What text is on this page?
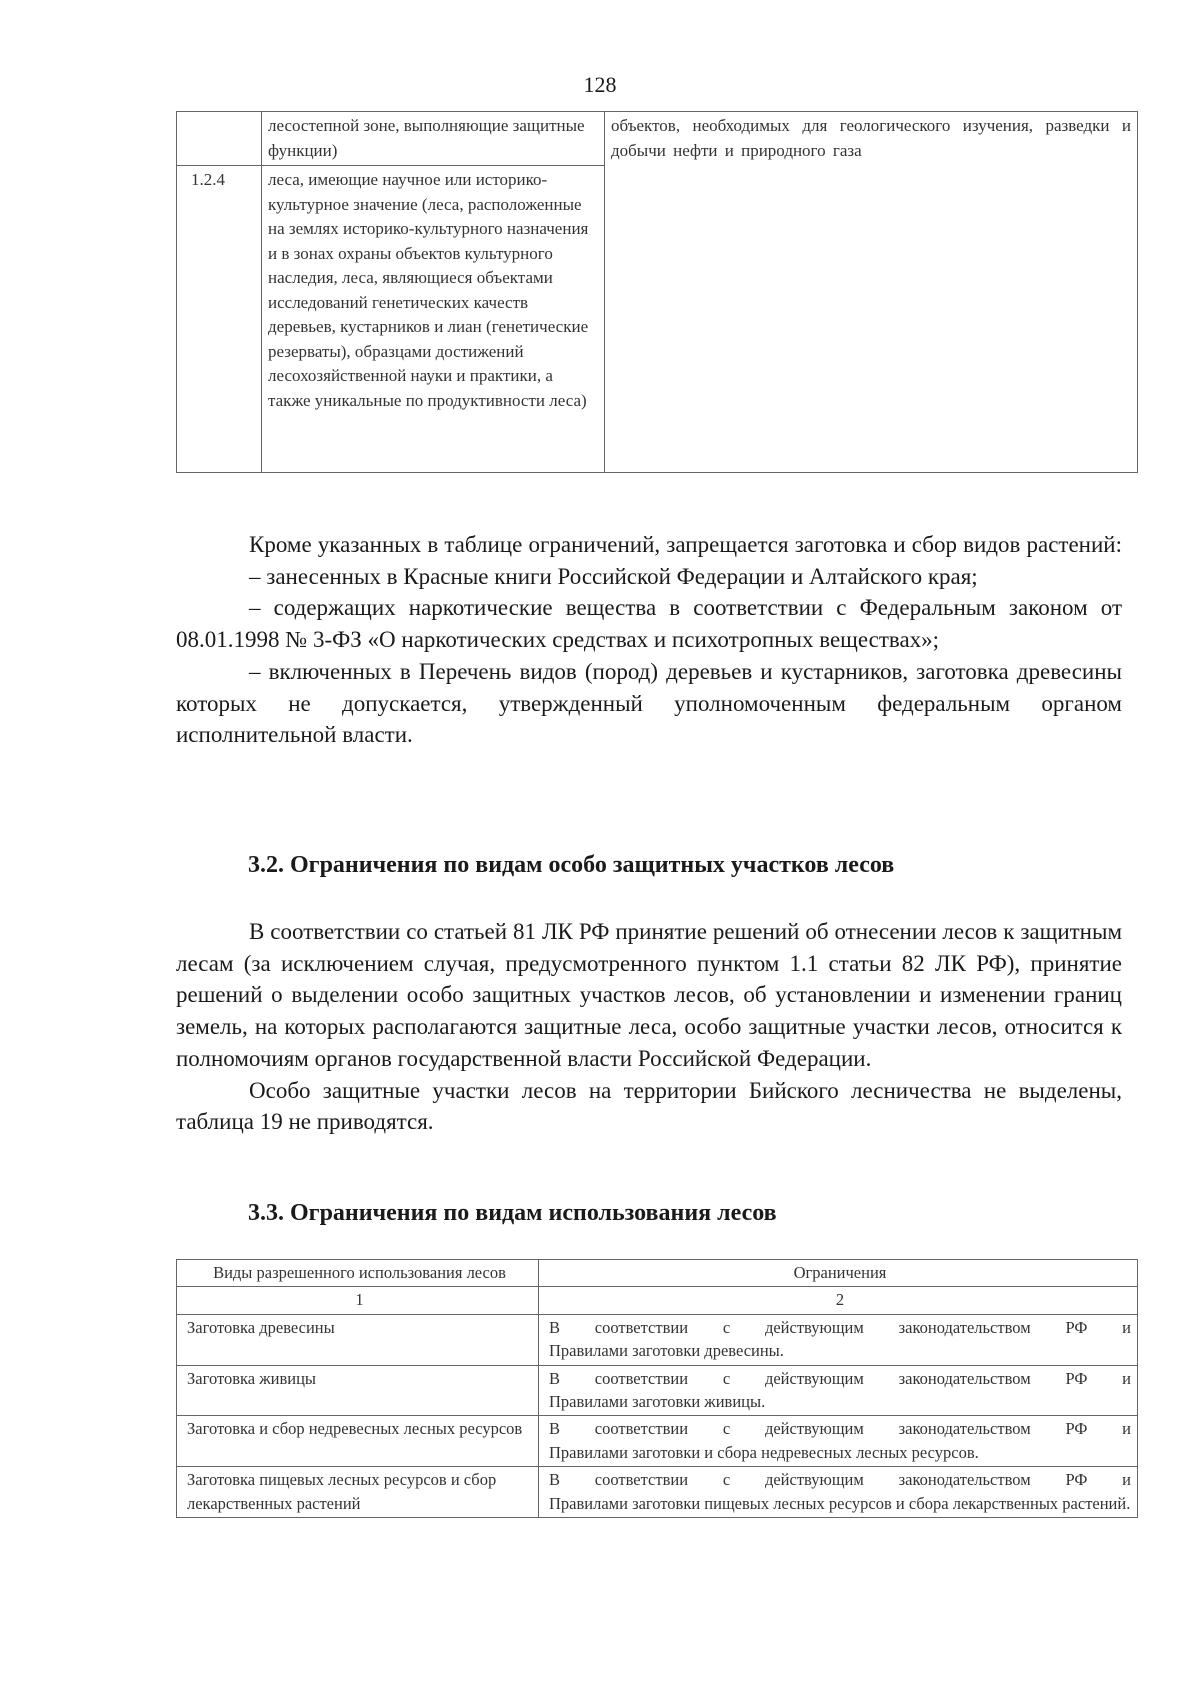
128
	лесостепной зоне, выполняющие защитные функции)	объектов, необходимых для геологического изучения, разведки и добычи нефти и природного газа
1.2.4	леса, имеющие научное или историко-культурное значение (леса, расположенные на землях историко-культурного назначения и в зонах охраны объектов культурного наследия, леса, являющиеся объектами исследований генетических качеств деревьев, кустарников и лиан (генетические резерваты), образцами достижений лесохозяйственной науки и практики, а также уникальные по продуктивности леса)	

Кроме указанных в таблице ограничений, запрещается заготовка и сбор видов растений:

– занесенных в Красные книги Российской Федерации и Алтайского края;

– содержащих наркотические вещества в соответствии с Федеральным законом от 08.01.1998 № 3-ФЗ «О наркотических средствах и психотропных веществах»;

– включенных в Перечень видов (пород) деревьев и кустарников, заготовка древесины которых не допускается, утвержденный уполномоченным федеральным органом исполнительной власти.

3.2. Ограничения по видам особо защитных участков лесов

В соответствии со статьей 81 ЛК РФ принятие решений об отнесении лесов к защитным лесам (за исключением случая, предусмотренного пунктом 1.1 статьи 82 ЛК РФ), принятие решений о выделении особо защитных участков лесов, об установлении и изменении границ земель, на которых располагаются защитные леса, особо защитные участки лесов, относится к полномочиям органов государственной власти Российской Федерации.

Особо защитные участки лесов на территории Бийского лесничества не выделены, таблица 19 не приводятся.

3.3. Ограничения по видам использования лесов
Виды разрешенного использования лесов	Ограничения
1	2
Заготовка древесины	В соответствии с действующим законодательством РФ и
Правилами заготовки древесины.
Заготовка живицы	В соответствии с действующим законодательством РФ и
Правилами заготовки живицы.
Заготовка и сбор недревесных лесных ресурсов	В соответствии с действующим законодательством РФ и
Правилами заготовки и сбора недревесных лесных ресурсов.
Заготовка пищевых лесных ресурсов и сбор лекарственных растений	В соответствии с действующим законодательством РФ и
Правилами заготовки пищевых лесных ресурсов и сбора лекарственных растений.
